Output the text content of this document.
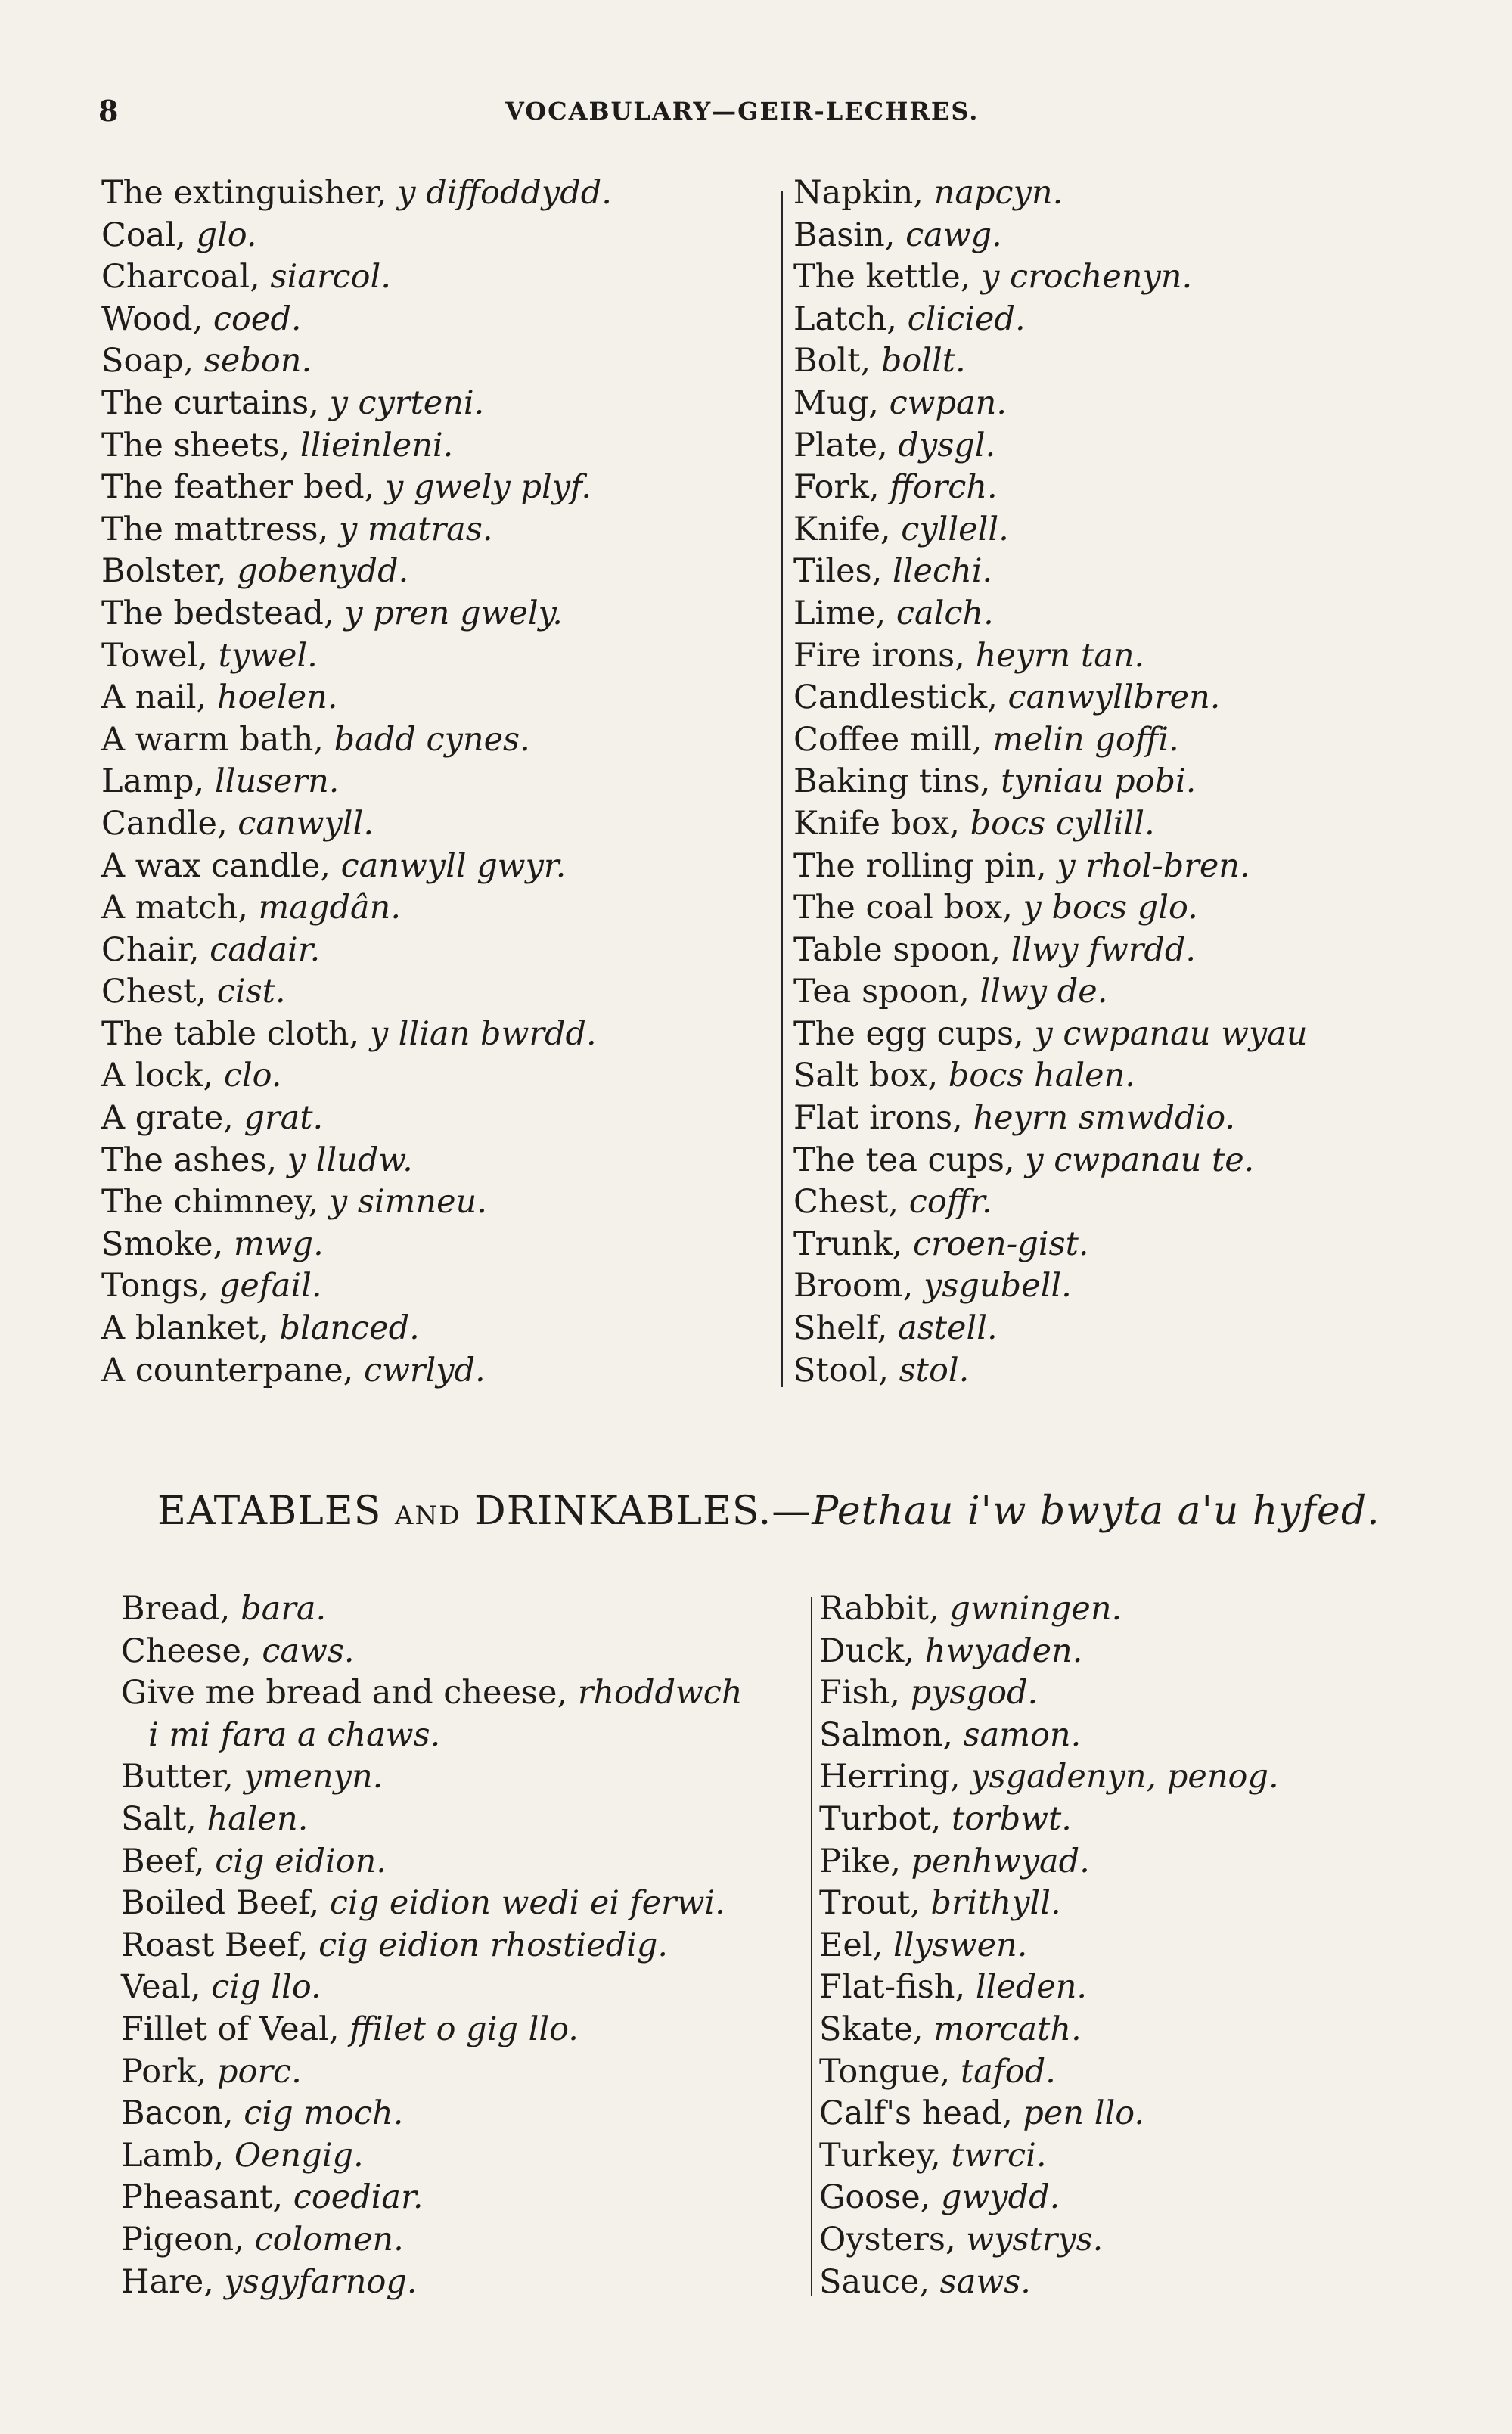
8	VOCABULARY—GEIR-LECHRES.
The extinguisher, y diffoddydd.
Coal, glo.
Charcoal, siarcol.
Wood, coed.
Soap, sebon.
The curtains, y cyrteni.
The sheets, llieinleni.
The feather bed, y gwely plyf.
The mattress, y matras.
Bolster, gobenydd.
The bedstead, y pren gwely.
Towel, tywel.
A nail, hoelen.
A warm bath, badd cynes.
Lamp, llusern.
Candle, canwyll.
A wax candle, canwyll gwyr.
A match, magdân.
Chair, cadair.
Chest, cist.
The table cloth, y llian bwrdd.
A lock, clo.
A grate, grat.
The ashes, y lludw.
The chimney, y simneu.
Smoke, mwg.
Tongs, gefail.
A blanket, blanced.
A counterpane, cwrlyd.
Napkin, napcyn.
Basin, cawg.
The kettle, y crochenyn.
Latch, clicied.
Bolt, bollt.
Mug, cwpan.
Plate, dysgl.
Fork, fforch.
Knife, cyllell.
Tiles, llechi.
Lime, calch.
Fire irons, heyrn tan.
Candlestick, canwyllbren.
Coffee mill, melin goffi.
Baking tins, tyniau pobi.
Knife box, bocs cyllill.
The rolling pin, y rhol-bren.
The coal box, y bocs glo.
Table spoon, llwy fwrdd.
Tea spoon, llwy de.
The egg cups, y cwpanau wyau
Salt box, bocs halen.
Flat irons, heyrn smwddio.
The tea cups, y cwpanau te.
Chest, coffr.
Trunk, croen-gist.
Broom, ysgubell.
Shelf, astell.
Stool, stol.
EATABLES AND DRINKABLES.—Pethau i'w bwyta a'u hyfed.
Bread, bara.
Cheese, caws.
Give me bread and cheese, rhoddwch
i mi fara a chaws.
Butter, ymenyn.
Salt, halen.
Beef, cig eidion.
Boiled Beef, cig eidion wedi ei ferwi.
Roast Beef, cig eidion rhostiedig.
Veal, cig llo.
Fillet of Veal, ffilet o gig llo.
Pork, porc.
Bacon, cig moch.
Lamb, Oengig.
Pheasant, coediar.
Pigeon, colomen.
Hare, ysgyfarnog.
Rabbit, gwningen.
Duck, hwyaden.
Fish, pysgod.
Salmon, samon.
Herring, ysgadenyn, penog.
Turbot, torbwt.
Pike, penhwyad.
Trout, brithyll.
Eel, llyswen.
Flat-fish, lleden.
Skate, morcath.
Tongue, tafod.
Calf's head, pen llo.
Turkey, twrci.
Goose, gwydd.
Oysters, wystrys.
Sauce, saws.
